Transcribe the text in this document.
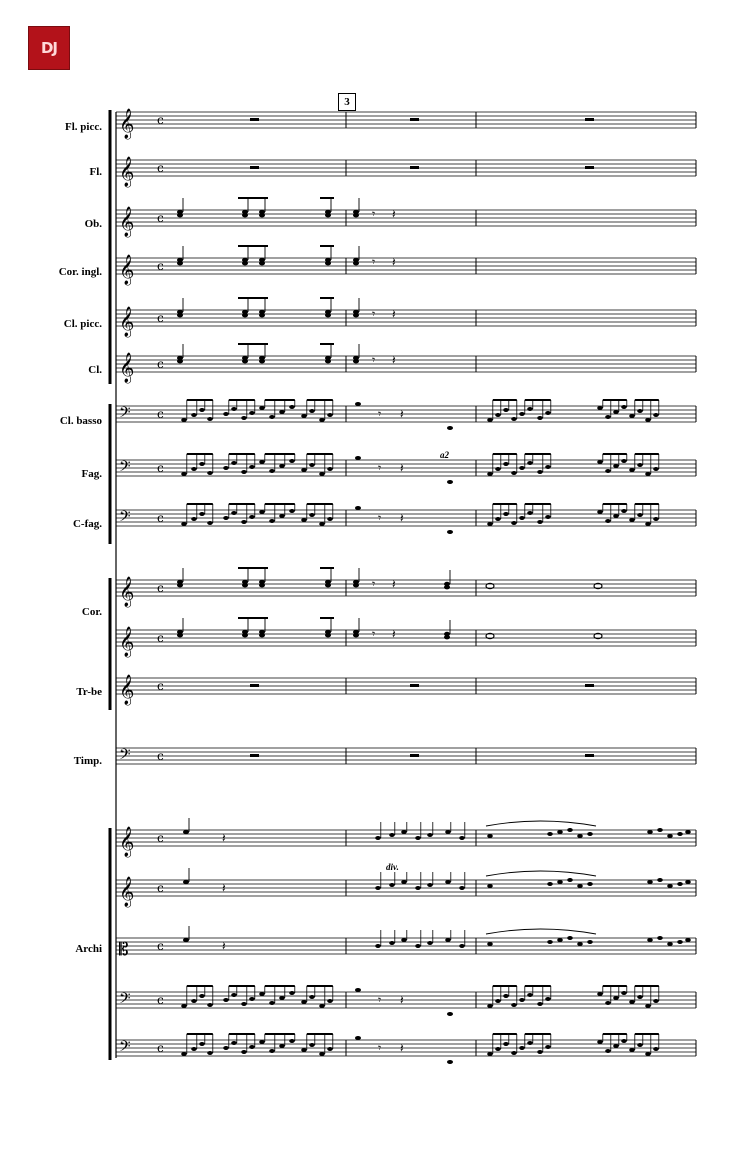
DJ
3
Fl. picc.
Fl.
Ob.
Cor. ingl.
Cl. picc.
Cl.
Cl. basso
Fag.
C-fag.
Cor.
Tr-be
Timp.
Archi
a2
div.
𝄞 c
𝄞 c
𝄞 c
𝄞 c
𝄞 c
𝄞 c
𝄢 c
𝄢 c
𝄢 c
𝄞 c
𝄞 c
𝄞 c
𝄢 c
𝄞 c
𝄞 c
𝄡 c
𝄢 c
𝄢 c
𝄾 𝄽
𝄾 𝄽
𝄾 𝄽
𝄾 𝄽
𝄾 𝄽
𝄾 𝄽
𝄾 𝄽
𝄾 𝄽
𝄾 𝄽
𝄾 𝄽
𝄾 𝄽
𝄽
𝄽
𝄽
